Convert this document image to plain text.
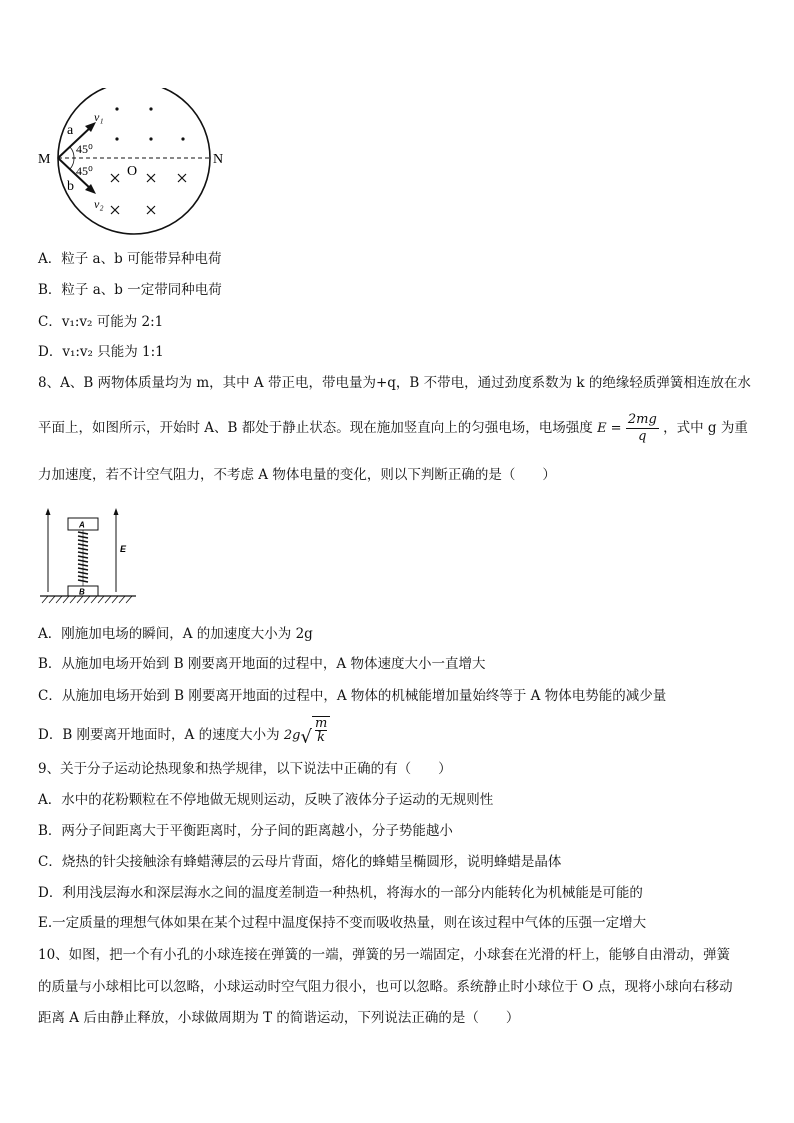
M	N
O
a
b
v₁
v₂
45⁰
45⁰
A．粒子 a、b 可能带异种电荷
B．粒子 a、b 一定带同种电荷
C．v₁:v₂ 可能为 2:1
D．v₁:v₂ 只能为 1:1
8、A、B 两物体质量均为 m，其中 A 带正电，带电量为+q，B 不带电，通过劲度系数为 k 的绝缘轻质弹簧相连放在水
平面上，如图所示，开始时 A、B 都处于静止状态。现在施加竖直向上的匀强电场，电场强度 $E = \frac{2mg}{q}$ ，式中 g 为重
力加速度，若不计空气阻力，不考虑 A 物体电量的变化，则以下判断正确的是（　　）
E
A
B
A．刚施加电场的瞬间，A 的加速度大小为 2g
B．从施加电场开始到 B 刚要离开地面的过程中，A 物体速度大小一直增大
C．从施加电场开始到 B 刚要离开地面的过程中，A 物体的机械能增加量始终等于 A 物体电势能的减少量
D．B 刚要离开地面时，A 的速度大小为 $2g√ \frac{m}{k}$
9、关于分子运动论热现象和热学规律，以下说法中正确的有（　　）
A．水中的花粉颗粒在不停地做无规则运动，反映了液体分子运动的无规则性
B．两分子间距离大于平衡距离时，分子间的距离越小，分子势能越小
C．烧热的针尖接触涂有蜂蜡薄层的云母片背面，熔化的蜂蜡呈椭圆形，说明蜂蜡是晶体
D．利用浅层海水和深层海水之间的温度差制造一种热机，将海水的一部分内能转化为机械能是可能的
E.一定质量的理想气体如果在某个过程中温度保持不变而吸收热量，则在该过程中气体的压强一定增大
10、如图，把一个有小孔的小球连接在弹簧的一端，弹簧的另一端固定，小球套在光滑的杆上，能够自由滑动，弹簧
的质量与小球相比可以忽略，小球运动时空气阻力很小，也可以忽略。系统静止时小球位于 O 点，现将小球向右移动
距离 A 后由静止释放，小球做周期为 T 的简谐运动，下列说法正确的是（　　）
